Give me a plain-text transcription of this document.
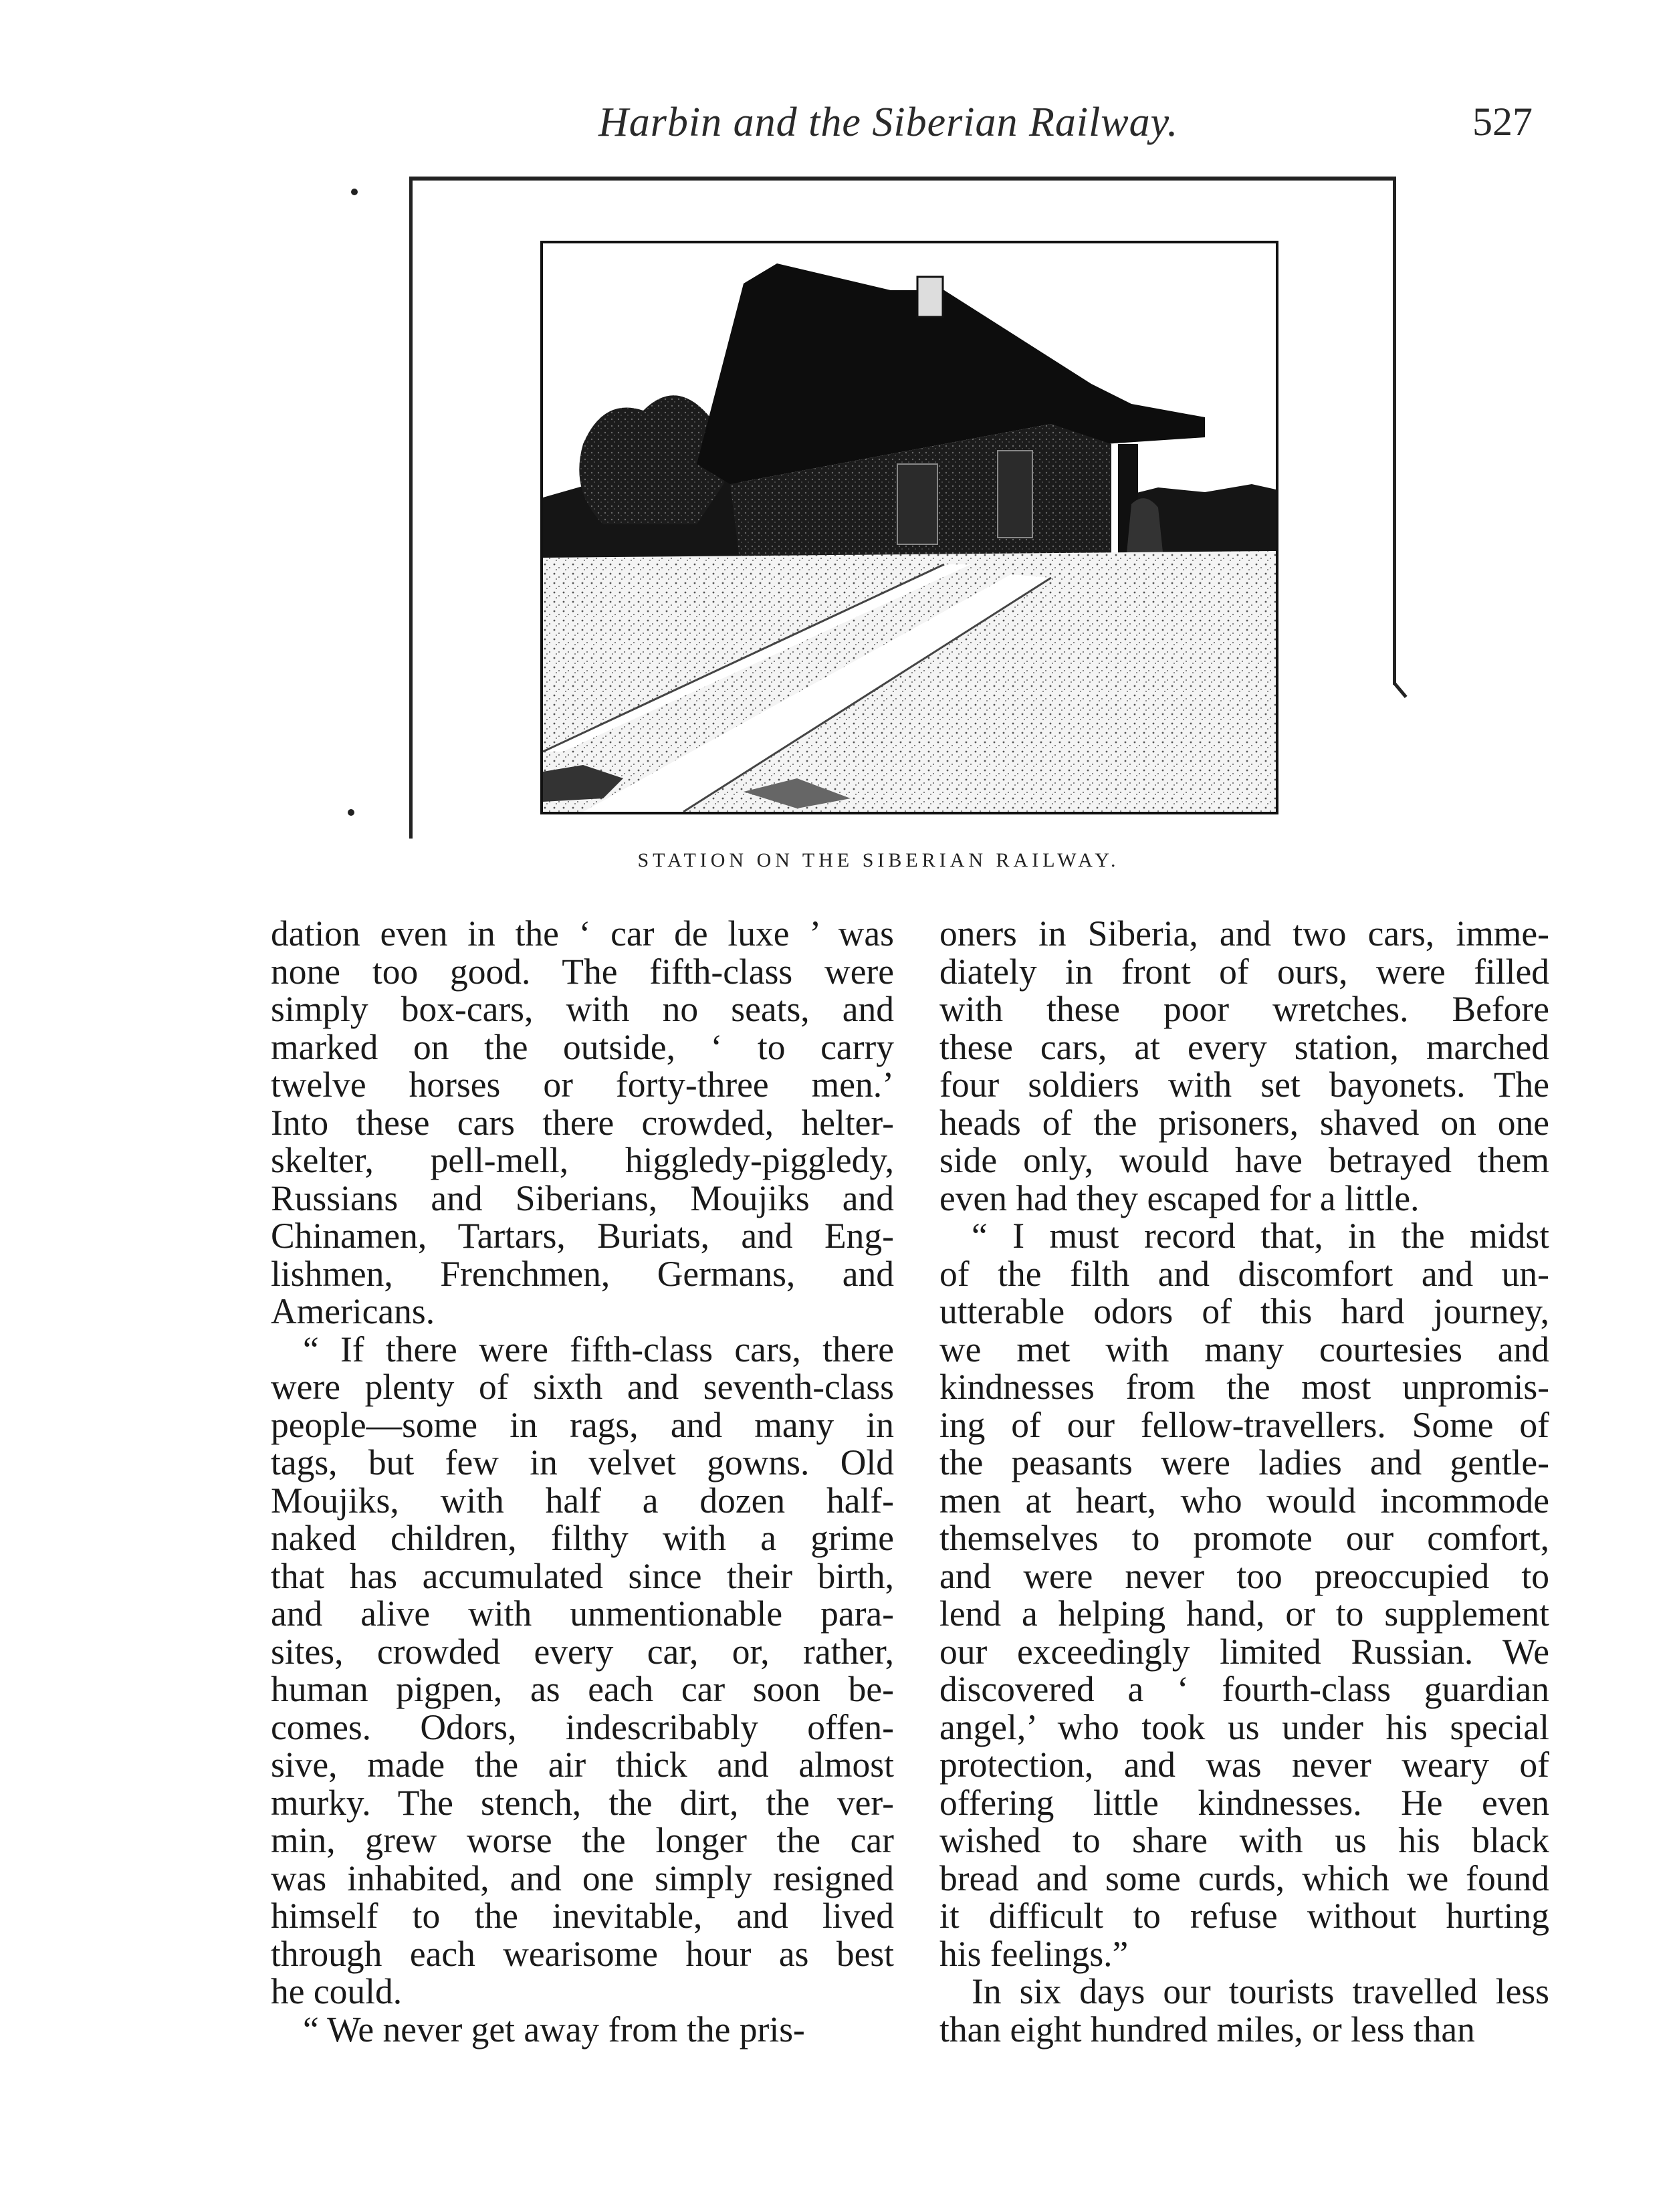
Harbin and the Siberian Railway.	527
STATION ON THE SIBERIAN RAILWAY.
dation even in the ‘ car de luxe ’ was
none too good. The fifth-class were
simply box-cars, with no seats, and
marked on the outside, ‘ to carry
twelve horses or forty-three men.’
Into these cars there crowded, helter-
skelter, pell-mell, higgledy-piggledy,
Russians and Siberians, Moujiks and
Chinamen, Tartars, Buriats, and Eng-
lishmen, Frenchmen, Germans, and
Americans.
“ If there were fifth-class cars, there
were plenty of sixth and seventh-class
people—some in rags, and many in
tags, but few in velvet gowns. Old
Moujiks, with half a dozen half-
naked children, filthy with a grime
that has accumulated since their birth,
and alive with unmentionable para-
sites, crowded every car, or, rather,
human pigpen, as each car soon be-
comes. Odors, indescribably offen-
sive, made the air thick and almost
murky. The stench, the dirt, the ver-
min, grew worse the longer the car
was inhabited, and one simply resigned
himself to the inevitable, and lived
through each wearisome hour as best
he could.
“ We never get away from the pris-
oners in Siberia, and two cars, imme-
diately in front of ours, were filled
with these poor wretches. Before
these cars, at every station, marched
four soldiers with set bayonets. The
heads of the prisoners, shaved on one
side only, would have betrayed them
even had they escaped for a little.
“ I must record that, in the midst
of the filth and discomfort and un-
utterable odors of this hard journey,
we met with many courtesies and
kindnesses from the most unpromis-
ing of our fellow-travellers. Some of
the peasants were ladies and gentle-
men at heart, who would incommode
themselves to promote our comfort,
and were never too preoccupied to
lend a helping hand, or to supplement
our exceedingly limited Russian. We
discovered a ‘ fourth-class guardian
angel,’ who took us under his special
protection, and was never weary of
offering little kindnesses. He even
wished to share with us his black
bread and some curds, which we found
it difficult to refuse without hurting
his feelings.”
In six days our tourists travelled less
than eight hundred miles, or less than
